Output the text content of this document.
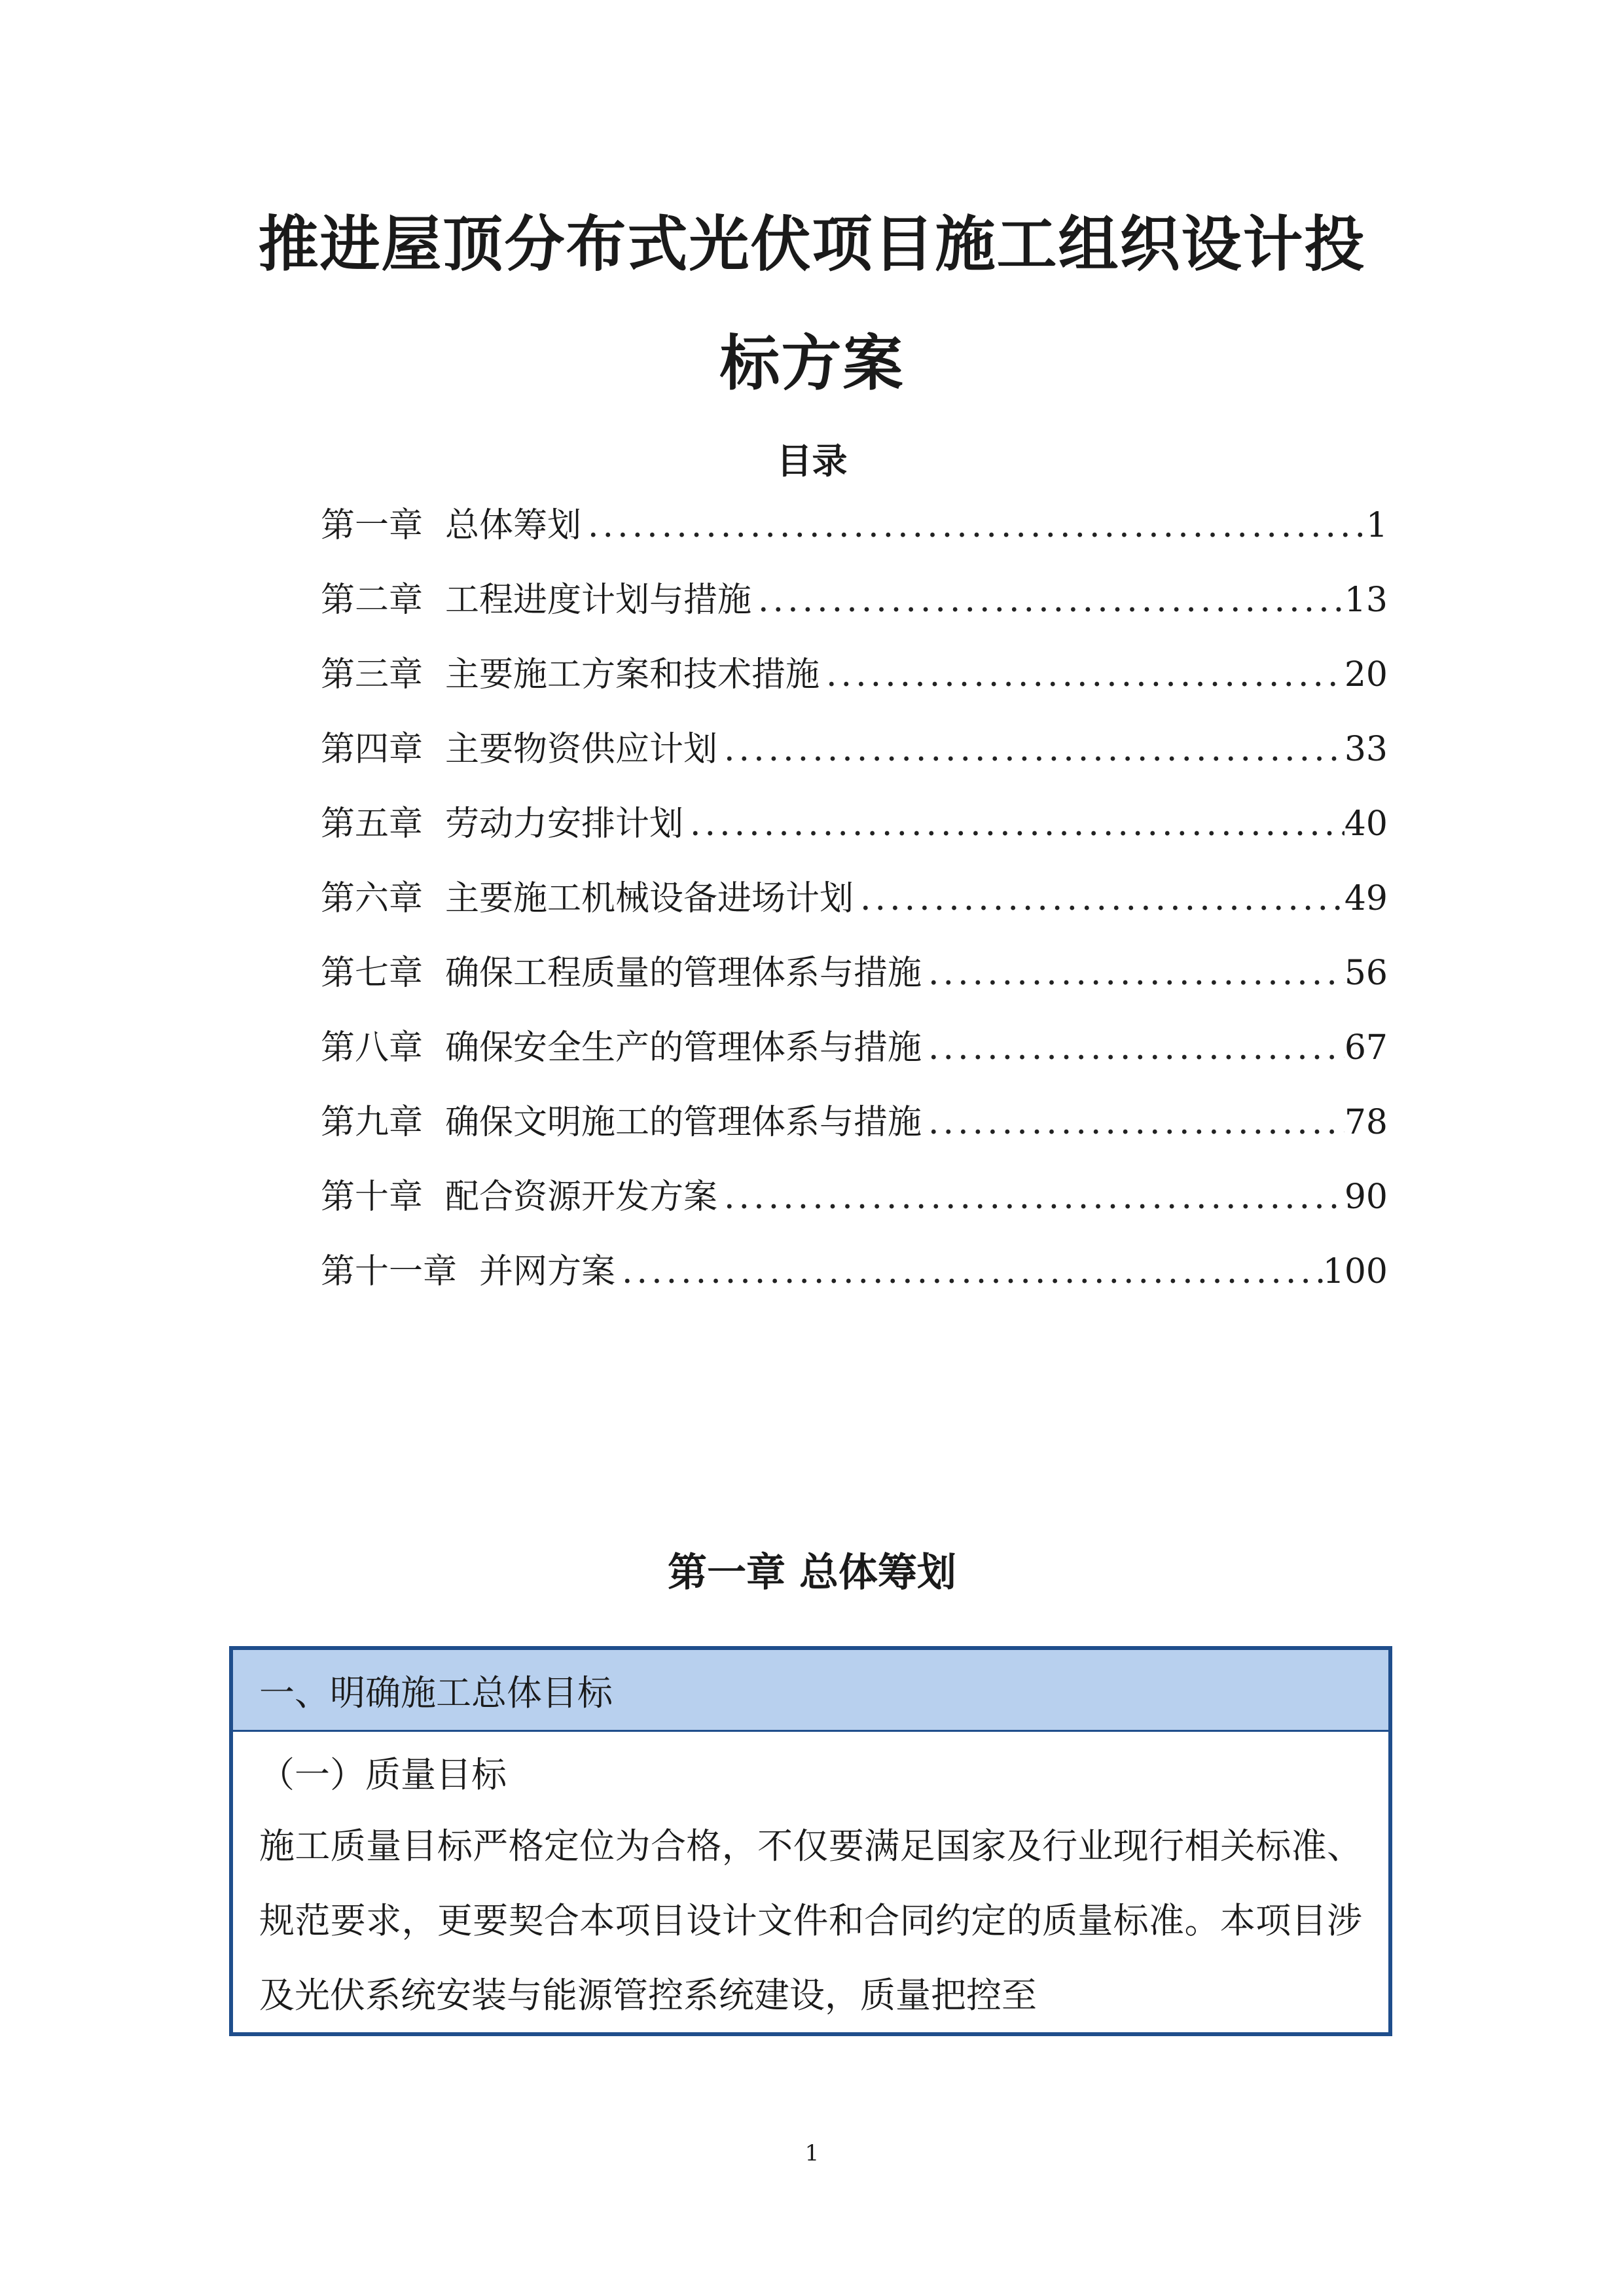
推进屋顶分布式光伏项目施工组织设计投
标方案
目录
第一章 总体筹划 .....	1
第二章 工程进度计划与措施 .....	13
第三章 主要施工方案和技术措施 .....	20
第四章 主要物资供应计划 .....	33
第五章 劳动力安排计划 .....	40
第六章 主要施工机械设备进场计划 .....	49
第七章 确保工程质量的管理体系与措施 .....	56
第八章 确保安全生产的管理体系与措施 .....	67
第九章 确保文明施工的管理体系与措施 .....	78
第十章 配合资源开发方案 .....	90
第十一章 并网方案 .....	100
第一章 总体筹划
一、明确施工总体目标
（一）质量目标
施工质量目标严格定位为合格，不仅要满足国家及行业现行相关标准、规范要求，更要契合本项目设计文件和合同约定的质量标准。本项目涉及光伏系统安装与能源管控系统建设，质量把控至
1
